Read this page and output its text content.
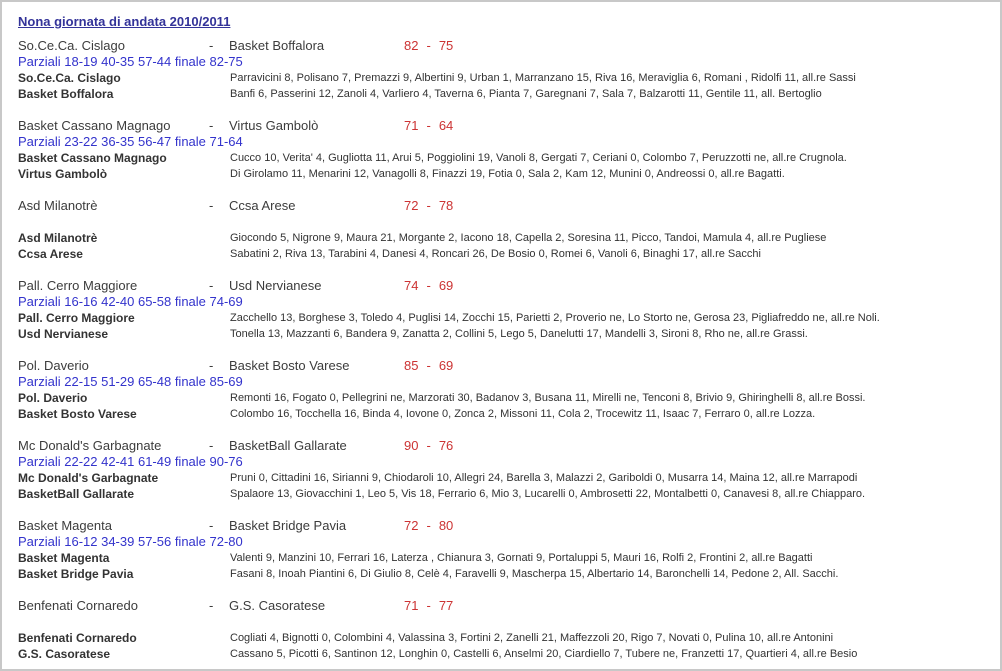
Nona giornata di andata 2010/2011
So.Ce.Ca. Cislago	-	Basket Boffalora	82 - 75
Parziali 18-19 40-35 57-44 finale 82-75
So.Ce.Ca. Cislago	Parravicini 8, Polisano 7, Premazzi 9, Albertini 9, Urban 1, Marranzano 15, Riva 16, Meraviglia 6, Romani , Ridolfi 11, all.re Sassi
Basket Boffalora	Banfi 6, Passerini 12, Zanoli 4, Varliero 4, Taverna 6, Pianta 7, Garegnani 7, Sala 7, Balzarotti 11, Gentile 11, all. Bertoglio
Basket Cassano Magnago	-	Virtus Gambolò	71 - 64
Parziali 23-22 36-35 56-47 finale 71-64
Basket Cassano Magnago	Cucco 10, Verita' 4, Gugliotta 11, Arui 5, Poggiolini 19, Vanoli 8, Gergati 7, Ceriani 0, Colombo 7, Peruzzotti ne, all.re Crugnola.
Virtus Gambolò	Di Girolamo 11, Menarini 12, Vanagolli 8, Finazzi 19, Fotia 0, Sala 2, Kam 12, Munini 0, Andreossi 0, all.re Bagatti.
Asd Milanotrè	-	Ccsa Arese	72 - 78
Asd Milanotrè	Giocondo 5, Nigrone 9, Maura 21, Morgante 2, Iacono 18, Capella 2, Soresina 11, Picco, Tandoi, Mamula 4, all.re Pugliese
Ccsa Arese	Sabatini 2, Riva 13, Tarabini 4, Danesi 4, Roncari 26, De Bosio 0, Romei 6, Vanoli 6, Binaghi 17, all.re Sacchi
Pall. Cerro Maggiore	-	Usd Nervianese	74 - 69
Parziali 16-16 42-40 65-58 finale 74-69
Pall. Cerro Maggiore	Zacchello 13, Borghese 3, Toledo 4, Puglisi 14, Zocchi 15, Parietti 2, Proverio ne, Lo Storto ne, Gerosa 23, Pigliafreddo ne, all.re Noli.
Usd Nervianese	Tonella 13, Mazzanti 6, Bandera 9, Zanatta 2, Collini 5, Lego 5, Danelutti 17, Mandelli 3, Sironi 8, Rho ne, all.re Grassi.
Pol. Daverio	-	Basket Bosto Varese	85 - 69
Parziali 22-15 51-29 65-48 finale 85-69
Pol. Daverio	Remonti 16, Fogato 0, Pellegrini ne, Marzorati 30, Badanov 3, Busana 11, Mirelli ne, Tenconi 8, Brivio 9, Ghiringhelli 8, all.re Bossi.
Basket Bosto Varese	Colombo 16, Tocchella 16, Binda 4, Iovone 0, Zonca 2, Missoni 11, Cola 2, Trocewitz 11, Isaac 7, Ferraro 0, all.re Lozza.
Mc Donald's Garbagnate	-	BasketBall Gallarate	90 - 76
Parziali 22-22 42-41 61-49 finale 90-76
Mc Donald's Garbagnate	Pruni 0, Cittadini 16, Sirianni 9, Chiodaroli 10, Allegri 24, Barella 3, Malazzi 2, Gariboldi 0, Musarra 14, Maina 12, all.re Marrapodi
BasketBall Gallarate	Spalaore 13, Giovacchini 1, Leo 5, Vis 18, Ferrario 6, Mio 3, Lucarelli 0, Ambrosetti 22, Montalbetti 0, Canavesi 8, all.re Chiapparo.
Basket Magenta	-	Basket Bridge Pavia	72 - 80
Parziali 16-12 34-39 57-56 finale 72-80
Basket Magenta	Valenti 9, Manzini 10, Ferrari 16, Laterza , Chianura 3, Gornati 9, Portaluppi 5, Mauri 16, Rolfi 2, Frontini 2, all.re Bagatti
Basket Bridge Pavia	Fasani 8, Inoah Piantini 6, Di Giulio 8, Celè 4, Faravelli 9, Mascherpa 15, Albertario 14, Baronchelli 14, Pedone 2, All. Sacchi.
Benfenati Cornaredo	-	G.S. Casoratese	71 - 77
Benfenati Cornaredo	Cogliati 4, Bignotti 0, Colombini 4, Valassina 3, Fortini 2, Zanelli 21, Maffezzoli 20, Rigo 7, Novati 0, Pulina 10, all.re Antonini
G.S. Casoratese	Cassano 5, Picotti 6, Santinon 12, Longhin 0, Castelli 6, Anselmi 20, Ciardiello 7, Tubere ne, Franzetti 17, Quartieri 4, all.re Besio
